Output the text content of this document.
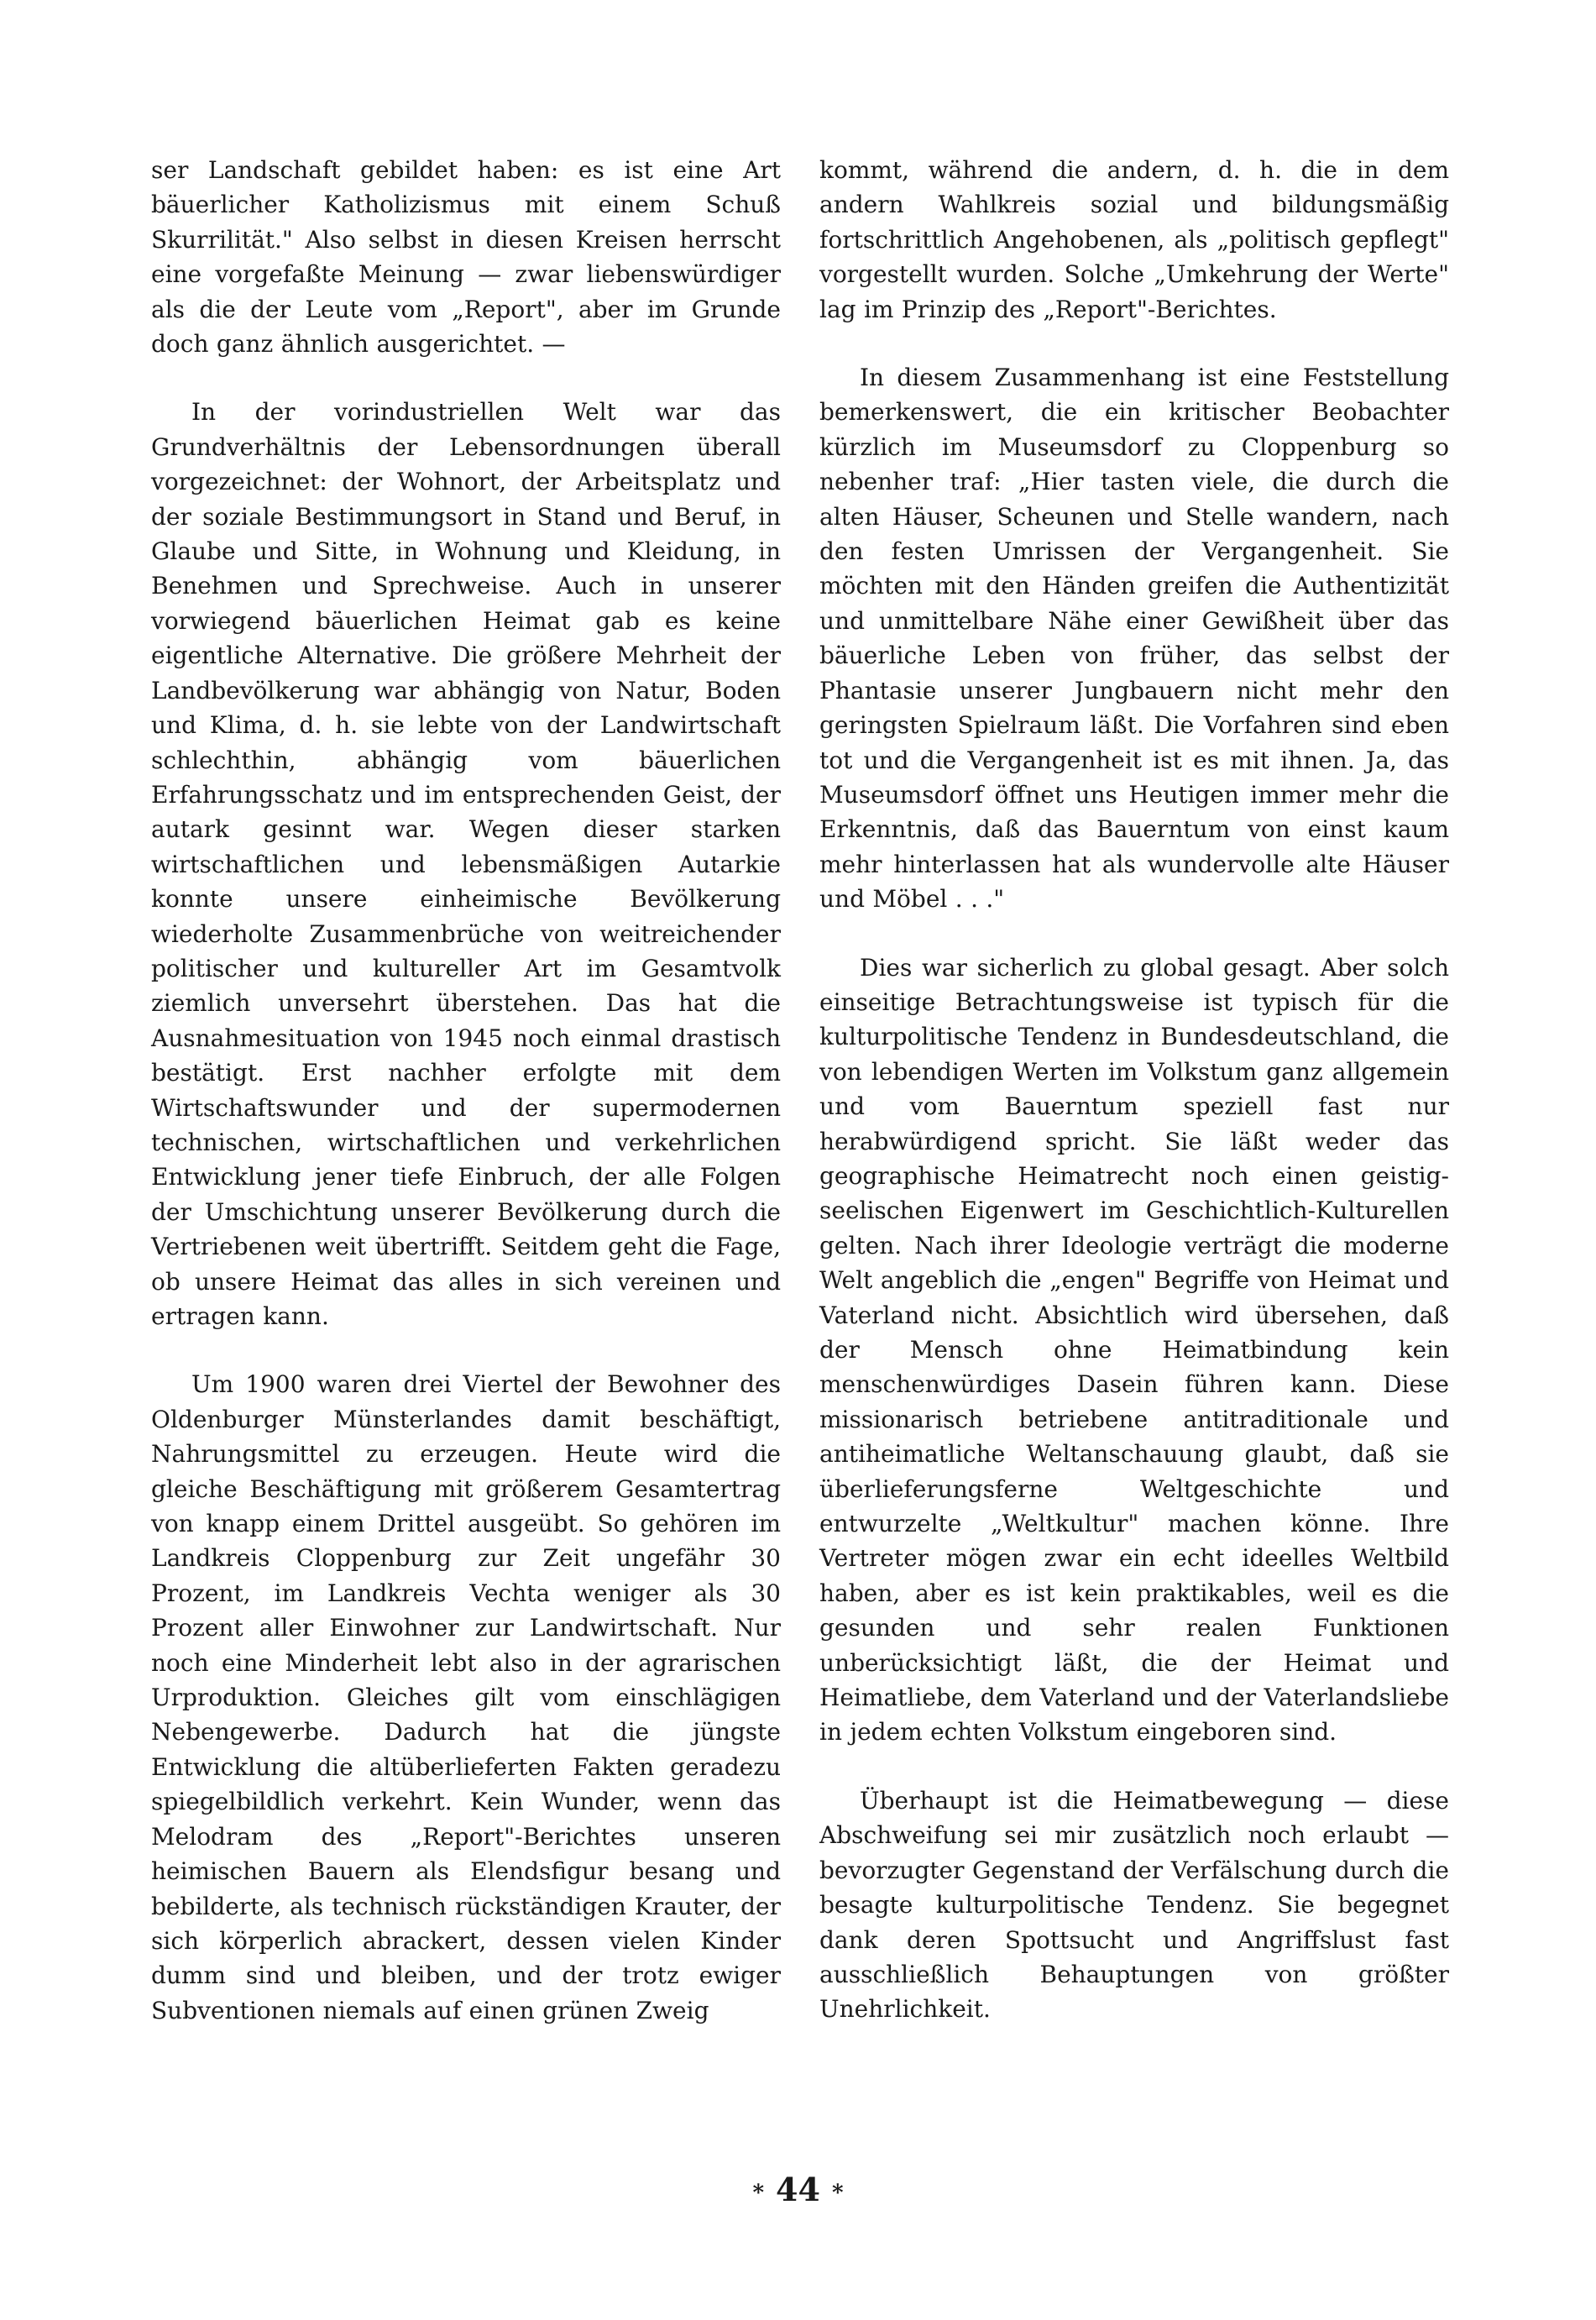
ser Landschaft gebildet haben: es ist eine Art bäuerlicher Katholizismus mit einem Schuß Skurrilität." Also selbst in diesen Kreisen herrscht eine vorgefaßte Meinung — zwar liebenswürdiger als die der Leute vom „Report", aber im Grunde doch ganz ähnlich ausgerichtet. —

In der vorindustriellen Welt war das Grundverhältnis der Lebensordnungen überall vorgezeichnet: der Wohnort, der Arbeitsplatz und der soziale Bestimmungsort in Stand und Beruf, in Glaube und Sitte, in Wohnung und Kleidung, in Benehmen und Sprechweise. Auch in unserer vorwiegend bäuerlichen Heimat gab es keine eigentliche Alternative. Die größere Mehrheit der Landbevölkerung war abhängig von Natur, Boden und Klima, d. h. sie lebte von der Landwirtschaft schlechthin, abhängig vom bäuerlichen Erfahrungsschatz und im entsprechenden Geist, der autark gesinnt war. Wegen dieser starken wirtschaftlichen und lebensmäßigen Autarkie konnte unsere einheimische Bevölkerung wiederholte Zusammenbrüche von weitreichender politischer und kultureller Art im Gesamtvolk ziemlich unversehrt überstehen. Das hat die Ausnahmesituation von 1945 noch einmal drastisch bestätigt. Erst nachher erfolgte mit dem Wirtschaftswunder und der supermodernen technischen, wirtschaftlichen und verkehrlichen Entwicklung jener tiefe Einbruch, der alle Folgen der Umschichtung unserer Bevölkerung durch die Vertriebenen weit übertrifft. Seitdem geht die Fage, ob unsere Heimat das alles in sich vereinen und ertragen kann.

Um 1900 waren drei Viertel der Bewohner des Oldenburger Münsterlandes damit beschäftigt, Nahrungsmittel zu erzeugen. Heute wird die gleiche Beschäftigung mit größerem Gesamtertrag von knapp einem Drittel ausgeübt. So gehören im Landkreis Cloppenburg zur Zeit ungefähr 30 Prozent, im Landkreis Vechta weniger als 30 Prozent aller Einwohner zur Landwirtschaft. Nur noch eine Minderheit lebt also in der agrarischen Urproduktion. Gleiches gilt vom einschlägigen Nebengewerbe. Dadurch hat die jüngste Entwicklung die altüberlieferten Fakten geradezu spiegelbildlich verkehrt. Kein Wunder, wenn das Melodram des „Report"-Berichtes unseren heimischen Bauern als Elendsfigur besang und bebilderte, als technisch rückständigen Krauter, der sich körperlich abrackert, dessen vielen Kinder dumm sind und bleiben, und der trotz ewiger Subventionen niemals auf einen grünen Zweig

kommt, während die andern, d. h. die in dem andern Wahlkreis sozial und bildungsmäßig fortschrittlich Angehobenen, als „politisch gepflegt" vorgestellt wurden. Solche „Umkehrung der Werte" lag im Prinzip des „Report"-Berichtes.

In diesem Zusammenhang ist eine Feststellung bemerkenswert, die ein kritischer Beobachter kürzlich im Museumsdorf zu Cloppenburg so nebenher traf: „Hier tasten viele, die durch die alten Häuser, Scheunen und Stelle wandern, nach den festen Umrissen der Vergangenheit. Sie möchten mit den Händen greifen die Authentizität und unmittelbare Nähe einer Gewißheit über das bäuerliche Leben von früher, das selbst der Phantasie unserer Jungbauern nicht mehr den geringsten Spielraum läßt. Die Vorfahren sind eben tot und die Vergangenheit ist es mit ihnen. Ja, das Museumsdorf öffnet uns Heutigen immer mehr die Erkenntnis, daß das Bauerntum von einst kaum mehr hinterlassen hat als wundervolle alte Häuser und Möbel . . ."

Dies war sicherlich zu global gesagt. Aber solch einseitige Betrachtungsweise ist typisch für die kulturpolitische Tendenz in Bundesdeutschland, die von lebendigen Werten im Volkstum ganz allgemein und vom Bauerntum speziell fast nur herabwürdigend spricht. Sie läßt weder das geographische Heimatrecht noch einen geistig-seelischen Eigenwert im Geschichtlich-Kulturellen gelten. Nach ihrer Ideologie verträgt die moderne Welt angeblich die „engen" Begriffe von Heimat und Vaterland nicht. Absichtlich wird übersehen, daß der Mensch ohne Heimatbindung kein menschenwürdiges Dasein führen kann. Diese missionarisch betriebene antitraditionale und antiheimatliche Weltanschauung glaubt, daß sie überlieferungsferne Weltgeschichte und entwurzelte „Weltkultur" machen könne. Ihre Vertreter mögen zwar ein echt ideelles Weltbild haben, aber es ist kein praktikables, weil es die gesunden und sehr realen Funktionen unberücksichtigt läßt, die der Heimat und Heimatliebe, dem Vaterland und der Vaterlandsliebe in jedem echten Volkstum eingeboren sind.

Überhaupt ist die Heimatbewegung — diese Abschweifung sei mir zusätzlich noch erlaubt — bevorzugter Gegenstand der Verfälschung durch die besagte kulturpolitische Tendenz. Sie begegnet dank deren Spottsucht und Angriffslust fast ausschließlich Behauptungen von größter Unehrlichkeit.

* 44 *
